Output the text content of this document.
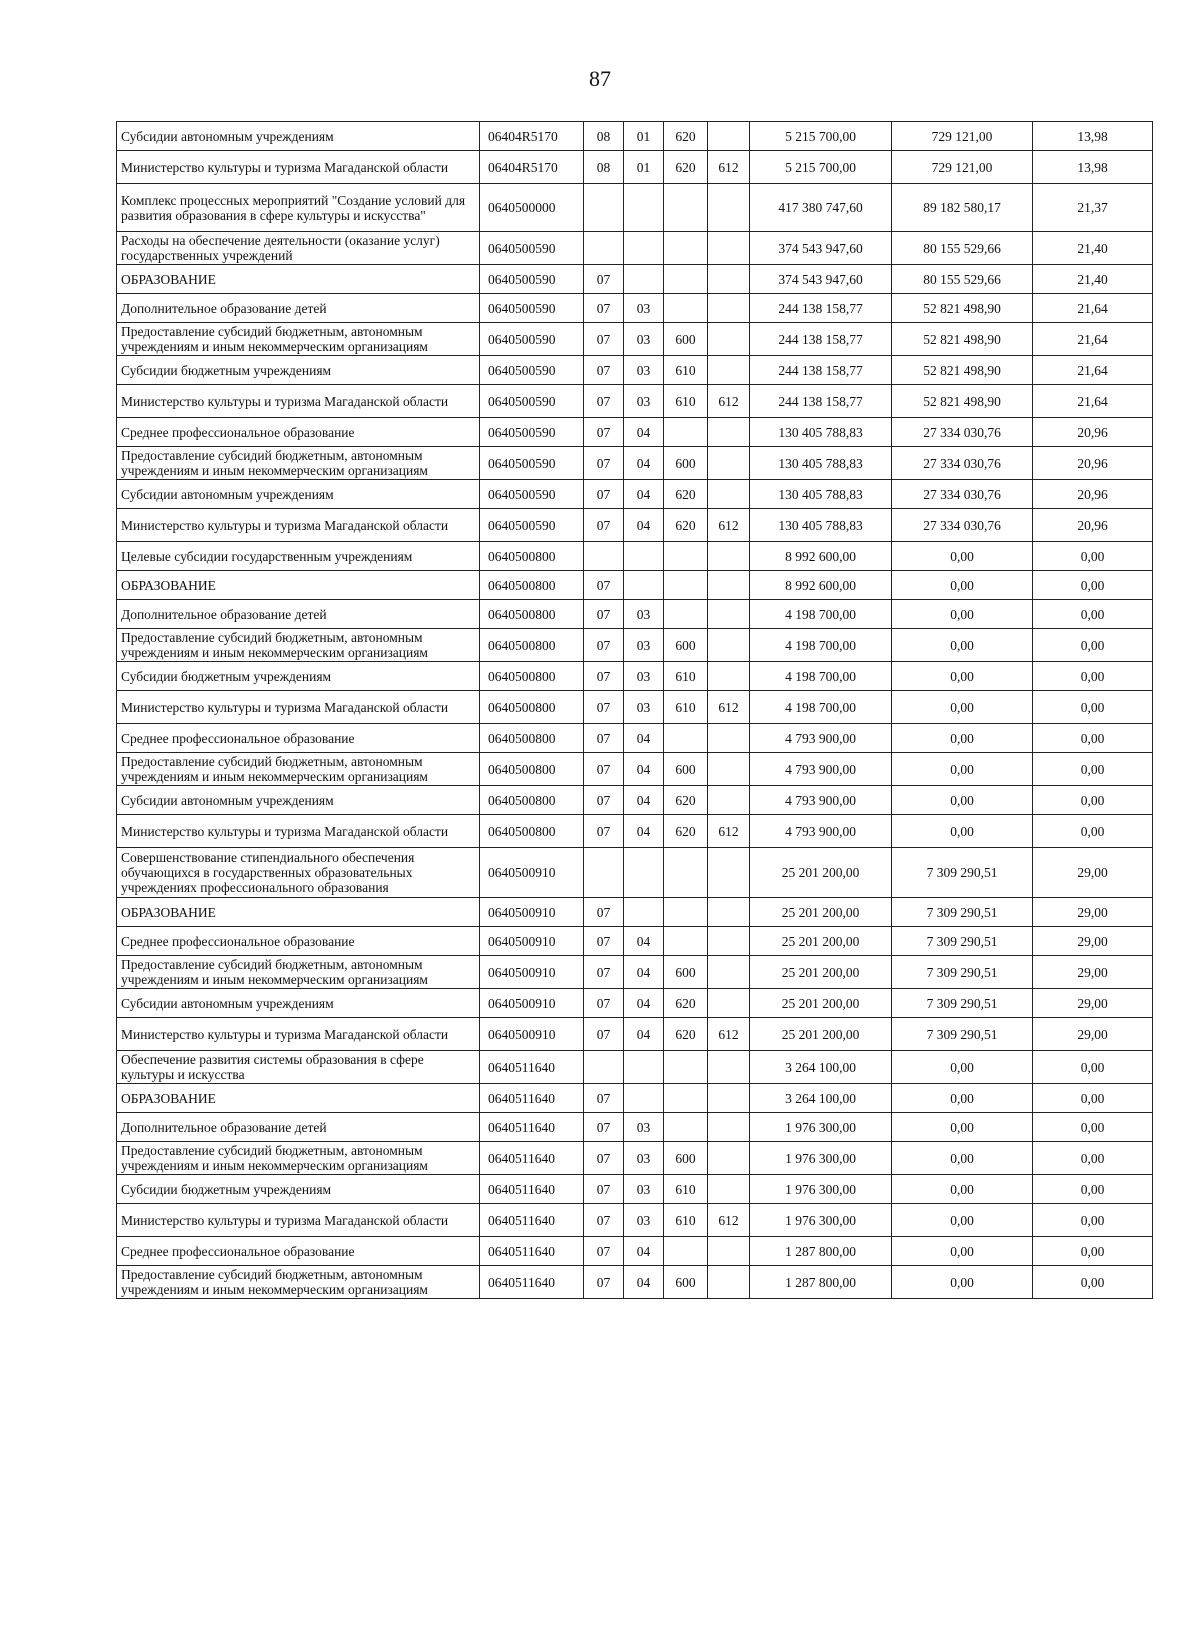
87
Субсидии автономным учреждениям	06404R5170	08	01	620		5 215 700,00	729 121,00	13,98
Министерство культуры и туризма Магаданской области	06404R5170	08	01	620	612	5 215 700,00	729 121,00	13,98
Комплекс процессных мероприятий "Создание условий для развития образования в сфере культуры и искусства"	0640500000					417 380 747,60	89 182 580,17	21,37
Расходы на обеспечение деятельности (оказание услуг) государственных учреждений	0640500590					374 543 947,60	80 155 529,66	21,40
ОБРАЗОВАНИЕ	0640500590	07				374 543 947,60	80 155 529,66	21,40
Дополнительное образование детей	0640500590	07	03			244 138 158,77	52 821 498,90	21,64
Предоставление субсидий бюджетным, автономным учреждениям и иным некоммерческим организациям	0640500590	07	03	600		244 138 158,77	52 821 498,90	21,64
Субсидии бюджетным учреждениям	0640500590	07	03	610		244 138 158,77	52 821 498,90	21,64
Министерство культуры и туризма Магаданской области	0640500590	07	03	610	612	244 138 158,77	52 821 498,90	21,64
Среднее профессиональное образование	0640500590	07	04			130 405 788,83	27 334 030,76	20,96
Предоставление субсидий бюджетным, автономным учреждениям и иным некоммерческим организациям	0640500590	07	04	600		130 405 788,83	27 334 030,76	20,96
Субсидии автономным учреждениям	0640500590	07	04	620		130 405 788,83	27 334 030,76	20,96
Министерство культуры и туризма Магаданской области	0640500590	07	04	620	612	130 405 788,83	27 334 030,76	20,96
Целевые субсидии государственным учреждениям	0640500800					8 992 600,00	0,00	0,00
ОБРАЗОВАНИЕ	0640500800	07				8 992 600,00	0,00	0,00
Дополнительное образование детей	0640500800	07	03			4 198 700,00	0,00	0,00
Предоставление субсидий бюджетным, автономным учреждениям и иным некоммерческим организациям	0640500800	07	03	600		4 198 700,00	0,00	0,00
Субсидии бюджетным учреждениям	0640500800	07	03	610		4 198 700,00	0,00	0,00
Министерство культуры и туризма Магаданской области	0640500800	07	03	610	612	4 198 700,00	0,00	0,00
Среднее профессиональное образование	0640500800	07	04			4 793 900,00	0,00	0,00
Предоставление субсидий бюджетным, автономным учреждениям и иным некоммерческим организациям	0640500800	07	04	600		4 793 900,00	0,00	0,00
Субсидии автономным учреждениям	0640500800	07	04	620		4 793 900,00	0,00	0,00
Министерство культуры и туризма Магаданской области	0640500800	07	04	620	612	4 793 900,00	0,00	0,00
Совершенствование стипендиального обеспечения обучающихся в государственных образовательных учреждениях профессионального образования	0640500910					25 201 200,00	7 309 290,51	29,00
ОБРАЗОВАНИЕ	0640500910	07				25 201 200,00	7 309 290,51	29,00
Среднее профессиональное образование	0640500910	07	04			25 201 200,00	7 309 290,51	29,00
Предоставление субсидий бюджетным, автономным учреждениям и иным некоммерческим организациям	0640500910	07	04	600		25 201 200,00	7 309 290,51	29,00
Субсидии автономным учреждениям	0640500910	07	04	620		25 201 200,00	7 309 290,51	29,00
Министерство культуры и туризма Магаданской области	0640500910	07	04	620	612	25 201 200,00	7 309 290,51	29,00
Обеспечение развития системы образования в сфере культуры и искусства	0640511640					3 264 100,00	0,00	0,00
ОБРАЗОВАНИЕ	0640511640	07				3 264 100,00	0,00	0,00
Дополнительное образование детей	0640511640	07	03			1 976 300,00	0,00	0,00
Предоставление субсидий бюджетным, автономным учреждениям и иным некоммерческим организациям	0640511640	07	03	600		1 976 300,00	0,00	0,00
Субсидии бюджетным учреждениям	0640511640	07	03	610		1 976 300,00	0,00	0,00
Министерство культуры и туризма Магаданской области	0640511640	07	03	610	612	1 976 300,00	0,00	0,00
Среднее профессиональное образование	0640511640	07	04			1 287 800,00	0,00	0,00
Предоставление субсидий бюджетным, автономным учреждениям и иным некоммерческим организациям	0640511640	07	04	600		1 287 800,00	0,00	0,00
